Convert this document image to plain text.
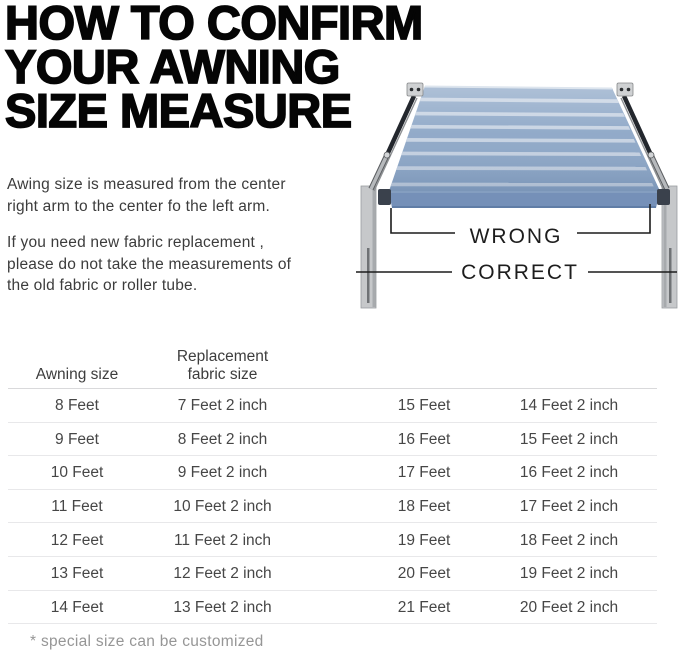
HOW TO CONFIRM
YOUR AWNING
SIZE MEASURE
Awing size is measured from the center
right arm to the center fo the left arm.
If you need new fabric replacement ,
please do not take the measurements of
the old fabric or roller tube.
WRONG
CORRECT
Awning size
Replacement
fabric size
8 Feet	7 Feet 2 inch	15 Feet	14 Feet 2 inch
9 Feet	8 Feet 2 inch	16 Feet	15 Feet 2 inch
10 Feet	9 Feet 2 inch	17 Feet	16 Feet 2 inch
11 Feet	10 Feet 2 inch	18 Feet	17 Feet 2 inch
12 Feet	11 Feet 2 inch	19 Feet	18 Feet 2 inch
13 Feet	12 Feet 2 inch	20 Feet	19 Feet 2 inch
14 Feet	13 Feet 2 inch	21 Feet	20 Feet 2 inch
* special size can be customized
